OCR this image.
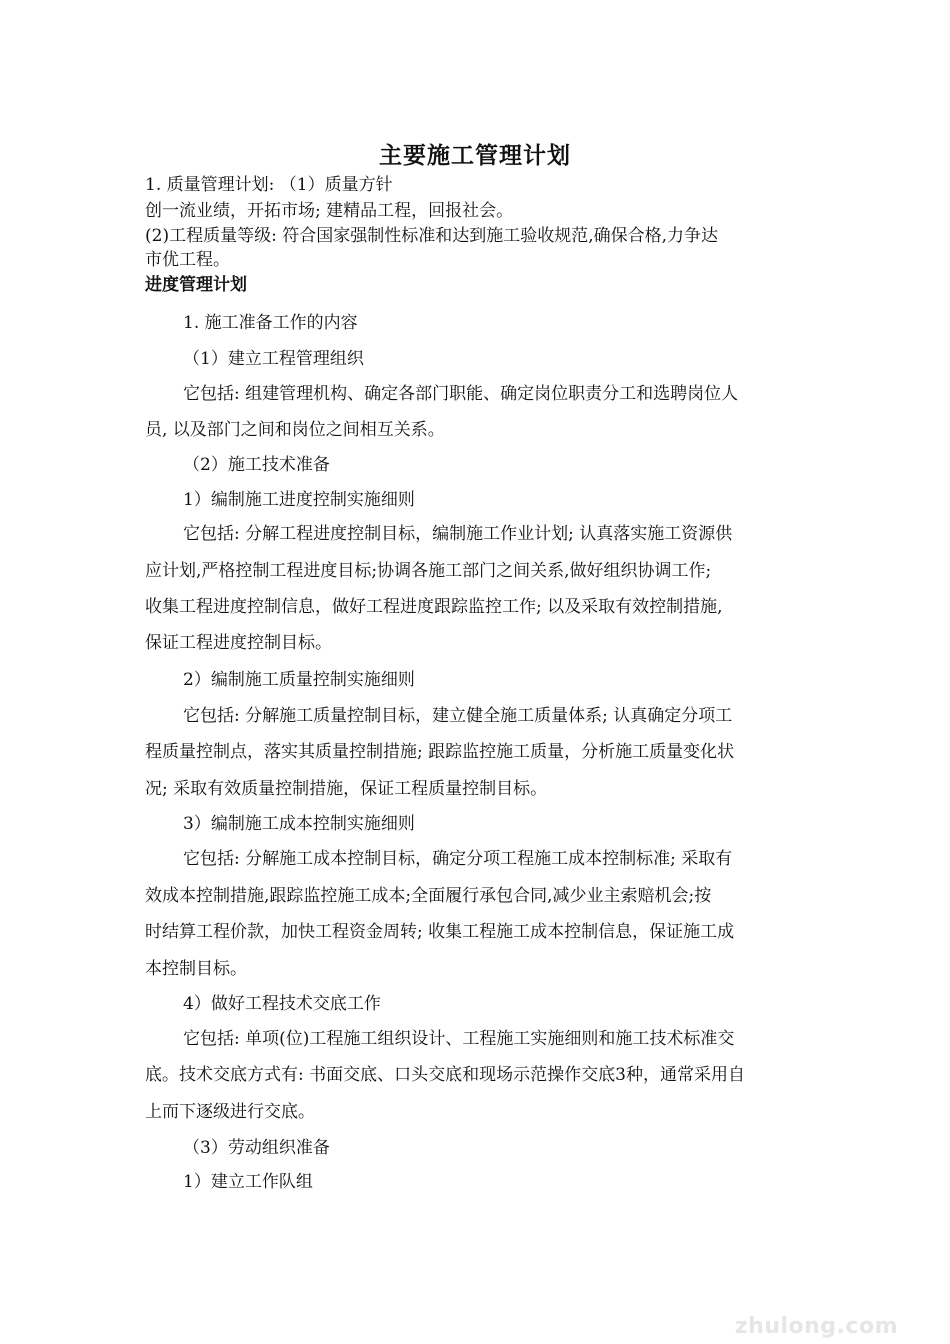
主要施工管理计划
1. 质量管理计划: （1）质量方针
创一流业绩，开拓市场; 建精品工程，回报社会。
(2)工程质量等级: 符合国家强制性标准和达到施工验收规范,确保合格,力争达
市优工程。
进度管理计划
1. 施工准备工作的内容
（1）建立工程管理组织
它包括: 组建管理机构、确定各部门职能、确定岗位职责分工和选聘岗位人
员, 以及部门之间和岗位之间相互关系。
（2）施工技术准备
1）编制施工进度控制实施细则
它包括: 分解工程进度控制目标，编制施工作业计划; 认真落实施工资源供
应计划,严格控制工程进度目标;协调各施工部门之间关系,做好组织协调工作;
收集工程进度控制信息，做好工程进度跟踪监控工作; 以及采取有效控制措施,
保证工程进度控制目标。
2）编制施工质量控制实施细则
它包括: 分解施工质量控制目标，建立健全施工质量体系; 认真确定分项工
程质量控制点，落实其质量控制措施; 跟踪监控施工质量，分析施工质量变化状
况; 采取有效质量控制措施，保证工程质量控制目标。
3）编制施工成本控制实施细则
它包括: 分解施工成本控制目标，确定分项工程施工成本控制标准; 采取有
效成本控制措施,跟踪监控施工成本;全面履行承包合同,减少业主索赔机会;按
时结算工程价款，加快工程资金周转; 收集工程施工成本控制信息，保证施工成
本控制目标。
4）做好工程技术交底工作
它包括: 单项(位)工程施工组织设计、工程施工实施细则和施工技术标准交
底。技术交底方式有: 书面交底、口头交底和现场示范操作交底3种，通常采用自
上而下逐级进行交底。
（3）劳动组织准备
1）建立工作队组
zhulong.com
